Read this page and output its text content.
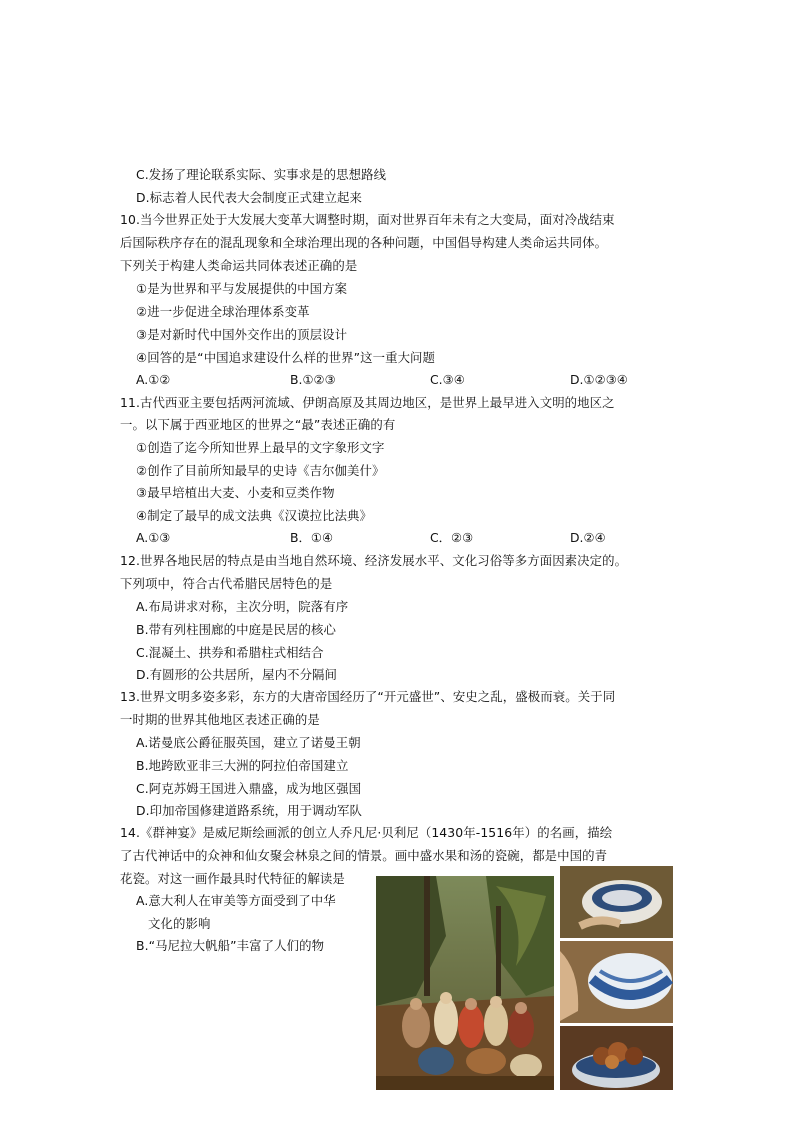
C.发扬了理论联系实际、实事求是的思想路线
D.标志着人民代表大会制度正式建立起来
10.当今世界正处于大发展大变革大调整时期，面对世界百年未有之大变局，面对冷战结束
后国际秩序存在的混乱现象和全球治理出现的各种问题，中国倡导构建人类命运共同体。
下列关于构建人类命运共同体表述正确的是
①是为世界和平与发展提供的中国方案
②进一步促进全球治理体系变革
③是对新时代中国外交作出的顶层设计
④回答的是“中国追求建设什么样的世界”这一重大问题
A.①②	B.①②③	C.③④	D.①②③④
11.古代西亚主要包括两河流域、伊朗高原及其周边地区，是世界上最早进入文明的地区之
一。以下属于西亚地区的世界之“最”表述正确的有
①创造了迄今所知世界上最早的文字象形文字
②创作了目前所知最早的史诗《吉尔伽美什》
③最早培植出大麦、小麦和豆类作物
④制定了最早的成文法典《汉谟拉比法典》
A.①③	B．①④	C．②③	D.②④
12.世界各地民居的特点是由当地自然环境、经济发展水平、文化习俗等多方面因素决定的。
下列项中，符合古代希腊民居特色的是
A.布局讲求对称，主次分明，院落有序
B.带有列柱围廊的中庭是民居的核心
C.混凝土、拱券和希腊柱式相结合
D.有圆形的公共居所，屋内不分隔间
13.世界文明多姿多彩，东方的大唐帝国经历了“开元盛世”、安史之乱，盛极而衰。关于同
一时期的世界其他地区表述正确的是
A.诺曼底公爵征服英国，建立了诺曼王朝
B.地跨欧亚非三大洲的阿拉伯帝国建立
C.阿克苏姆王国进入鼎盛，成为地区强国
D.印加帝国修建道路系统，用于调动军队
14.《群神宴》是威尼斯绘画派的创立人乔凡尼·贝利尼（1430年-1516年）的名画，描绘
了古代神话中的众神和仙女聚会林泉之间的情景。画中盛水果和汤的瓷碗，都是中国的青
花瓷。对这一画作最具时代特征的解读是
A.意大利人在审美等方面受到了中华
文化的影响
B.“马尼拉大帆船”丰富了人们的物
